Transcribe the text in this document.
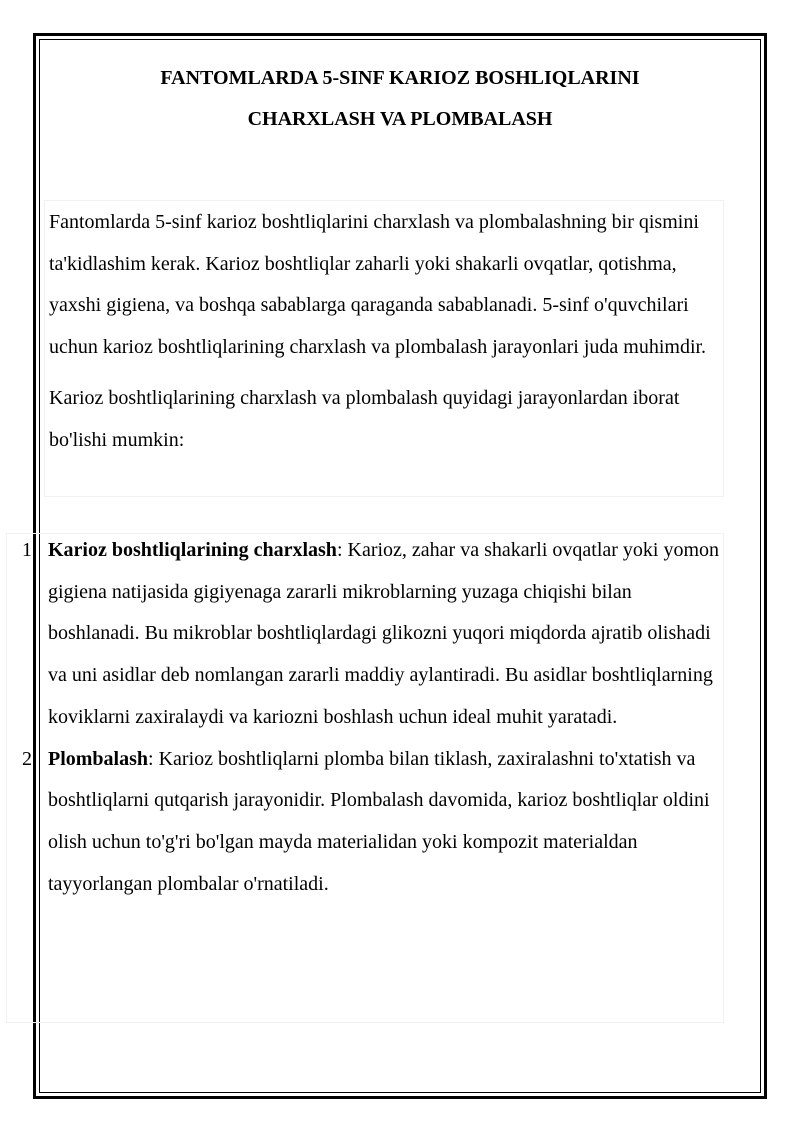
FANTOMLARDA 5-SINF KARIOZ BOSHLIQLARINI
CHARXLASH VA PLOMBALASH

Fantomlarda 5-sinf karioz boshtliqlarini charxlash va plombalashning bir qismini ta'kidlashim kerak. Karioz boshtliqlar zaharli yoki shakarli ovqatlar, qotishma, yaxshi gigiena, va boshqa sabablarga qaraganda sabablanadi. 5-sinf o'quvchilari uchun karioz boshtliqlarining charxlash va plombalash jarayonlari juda muhimdir.

Karioz boshtliqlarining charxlash va plombalash quyidagi jarayonlardan iborat bo'lishi mumkin:

1. Karioz boshtliqlarining charxlash: Karioz, zahar va shakarli ovqatlar yoki yomon gigiena natijasida gigiyenaga zararli mikroblarning yuzaga chiqishi bilan boshlanadi. Bu mikroblar boshtliqlardagi glikozni yuqori miqdorda ajratib olishadi va uni asidlar deb nomlangan zararli maddiy aylantiradi. Bu asidlar boshtliqlarning koviklarni zaxiralaydi va kariozni boshlash uchun ideal muhit yaratadi.

2. Plombalash: Karioz boshtliqlarni plomba bilan tiklash, zaxiralashni to'xtatish va boshtliqlarni qutqarish jarayonidir. Plombalash davomida, karioz boshtliqlar oldini olish uchun to'g'ri bo'lgan mayda materialidan yoki kompozit materialdan tayyorlangan plombalar o'rnatiladi.
